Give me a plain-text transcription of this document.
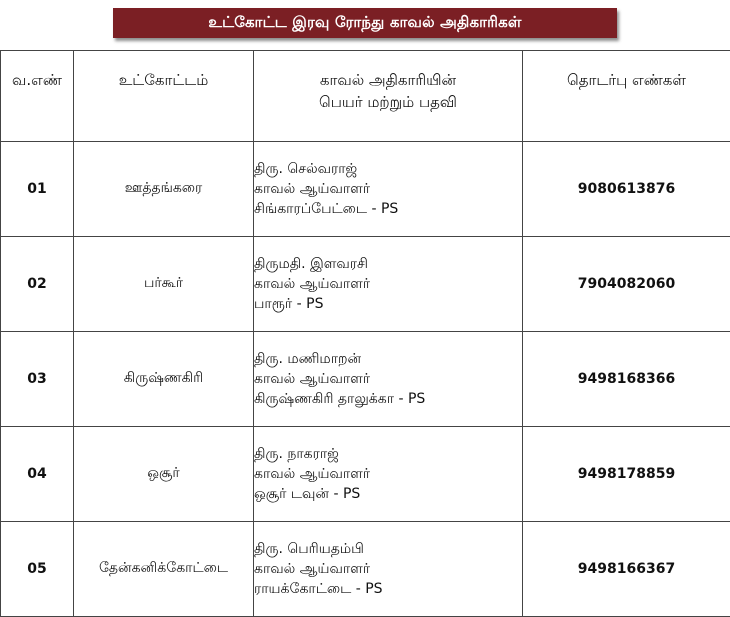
உட்கோட்ட இரவு ரோந்து காவல் அதிகாரிகள்
வ.எண்	உட்கோட்டம்	காவல் அதிகாரியின்
பெயர் மற்றும் பதவி	தொடர்பு எண்கள்
01	ஊத்தங்கரை	திரு. செல்வராஜ்
காவல் ஆய்வாளர்
சிங்காரப்பேட்டை - PS	9080613876
02	பர்கூர்	திருமதி. இளவரசி
காவல் ஆய்வாளர்
பாரூர் - PS	7904082060
03	கிருஷ்ணகிரி	திரு. மணிமாறன்
காவல் ஆய்வாளர்
கிருஷ்ணகிரி தாலுக்கா - PS	9498168366
04	ஒசூர்	திரு. நாகராஜ்
காவல் ஆய்வாளர்
ஒசூர் டவுன் - PS	9498178859
05	தேன்கனிக்கோட்டை	திரு. பெரியதம்பி
காவல் ஆய்வாளர்
ராயக்கோட்டை - PS	9498166367
